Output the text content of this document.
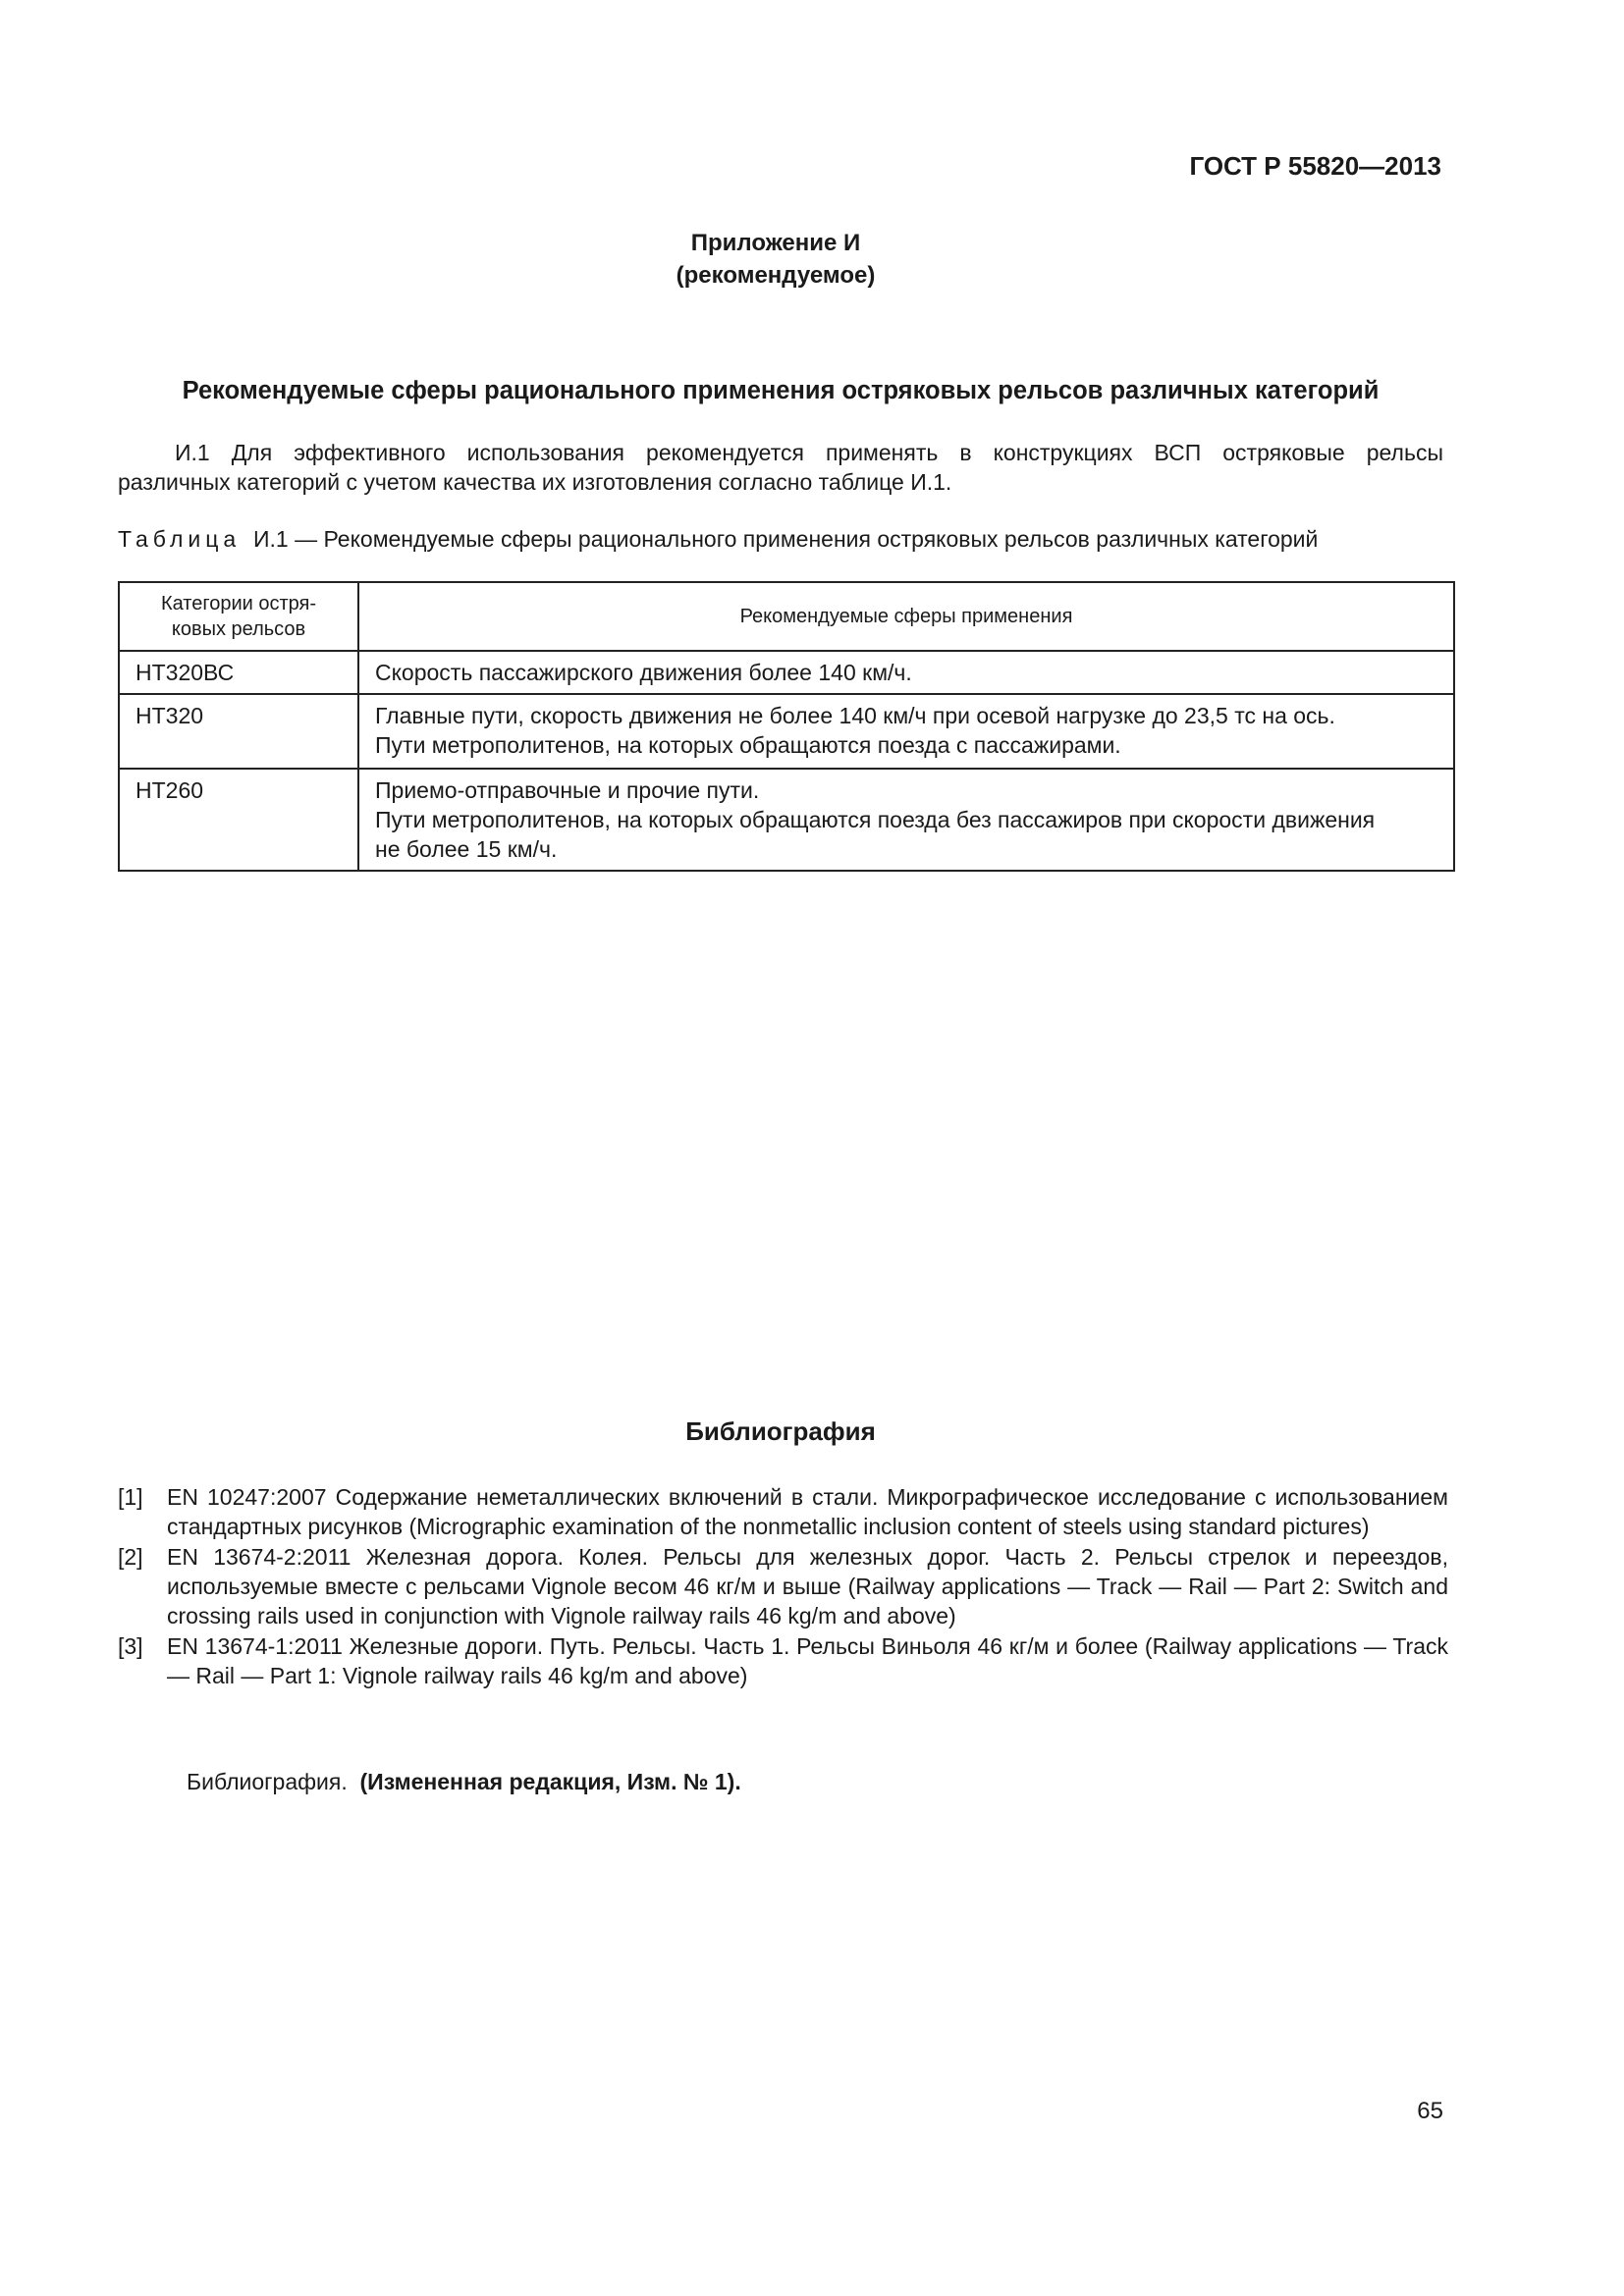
ГОСТ Р 55820—2013
Приложение И
(рекомендуемое)
Рекомендуемые сферы рационального применения остряковых рельсов различных категорий
И.1 Для эффективного использования рекомендуется применять в конструкциях ВСП остряковые рельсы
различных категорий с учетом качества их изготовления согласно таблице И.1.
Таблица И.1 — Рекомендуемые сферы рационального применения остряковых рельсов различных категорий
Категории остря-
ковых рельсов	Рекомендуемые сферы применения
НТ320ВС	Скорость пассажирского движения более 140 км/ч.

НТ320	Главные пути, скорость движения не более 140 км/ч при осевой нагрузке до 23,5 тс на ось.
Пути метрополитенов, на которых обращаются поезда с пассажирами.

НТ260	Приемо-отправочные и прочие пути.
Пути метрополитенов, на которых обращаются поезда без пассажиров при скорости движения
не более 15 км/ч.
Библиография
[1] EN 10247:2007 Содержание неметаллических включений в стали. Микрографическое исследование с использованием стандартных рисунков (Micrographic examination of the nonmetallic inclusion content of steels using standard pictures)
[2] EN 13674-2:2011 Железная дорога. Колея. Рельсы для железных дорог. Часть 2. Рельсы стрелок и переездов, используемые вместе с рельсами Vignole весом 46 кг/м и выше (Railway applications — Track — Rail — Part 2: Switch and crossing rails used in conjunction with Vignole railway rails 46 kg/m and above)
[3] EN 13674-1:2011 Железные дороги. Путь. Рельсы. Часть 1. Рельсы Виньоля 46 кг/м и более (Railway applications — Track — Rail — Part 1: Vignole railway rails 46 kg/m and above)
Библиография. (Измененная редакция, Изм. № 1).
65
